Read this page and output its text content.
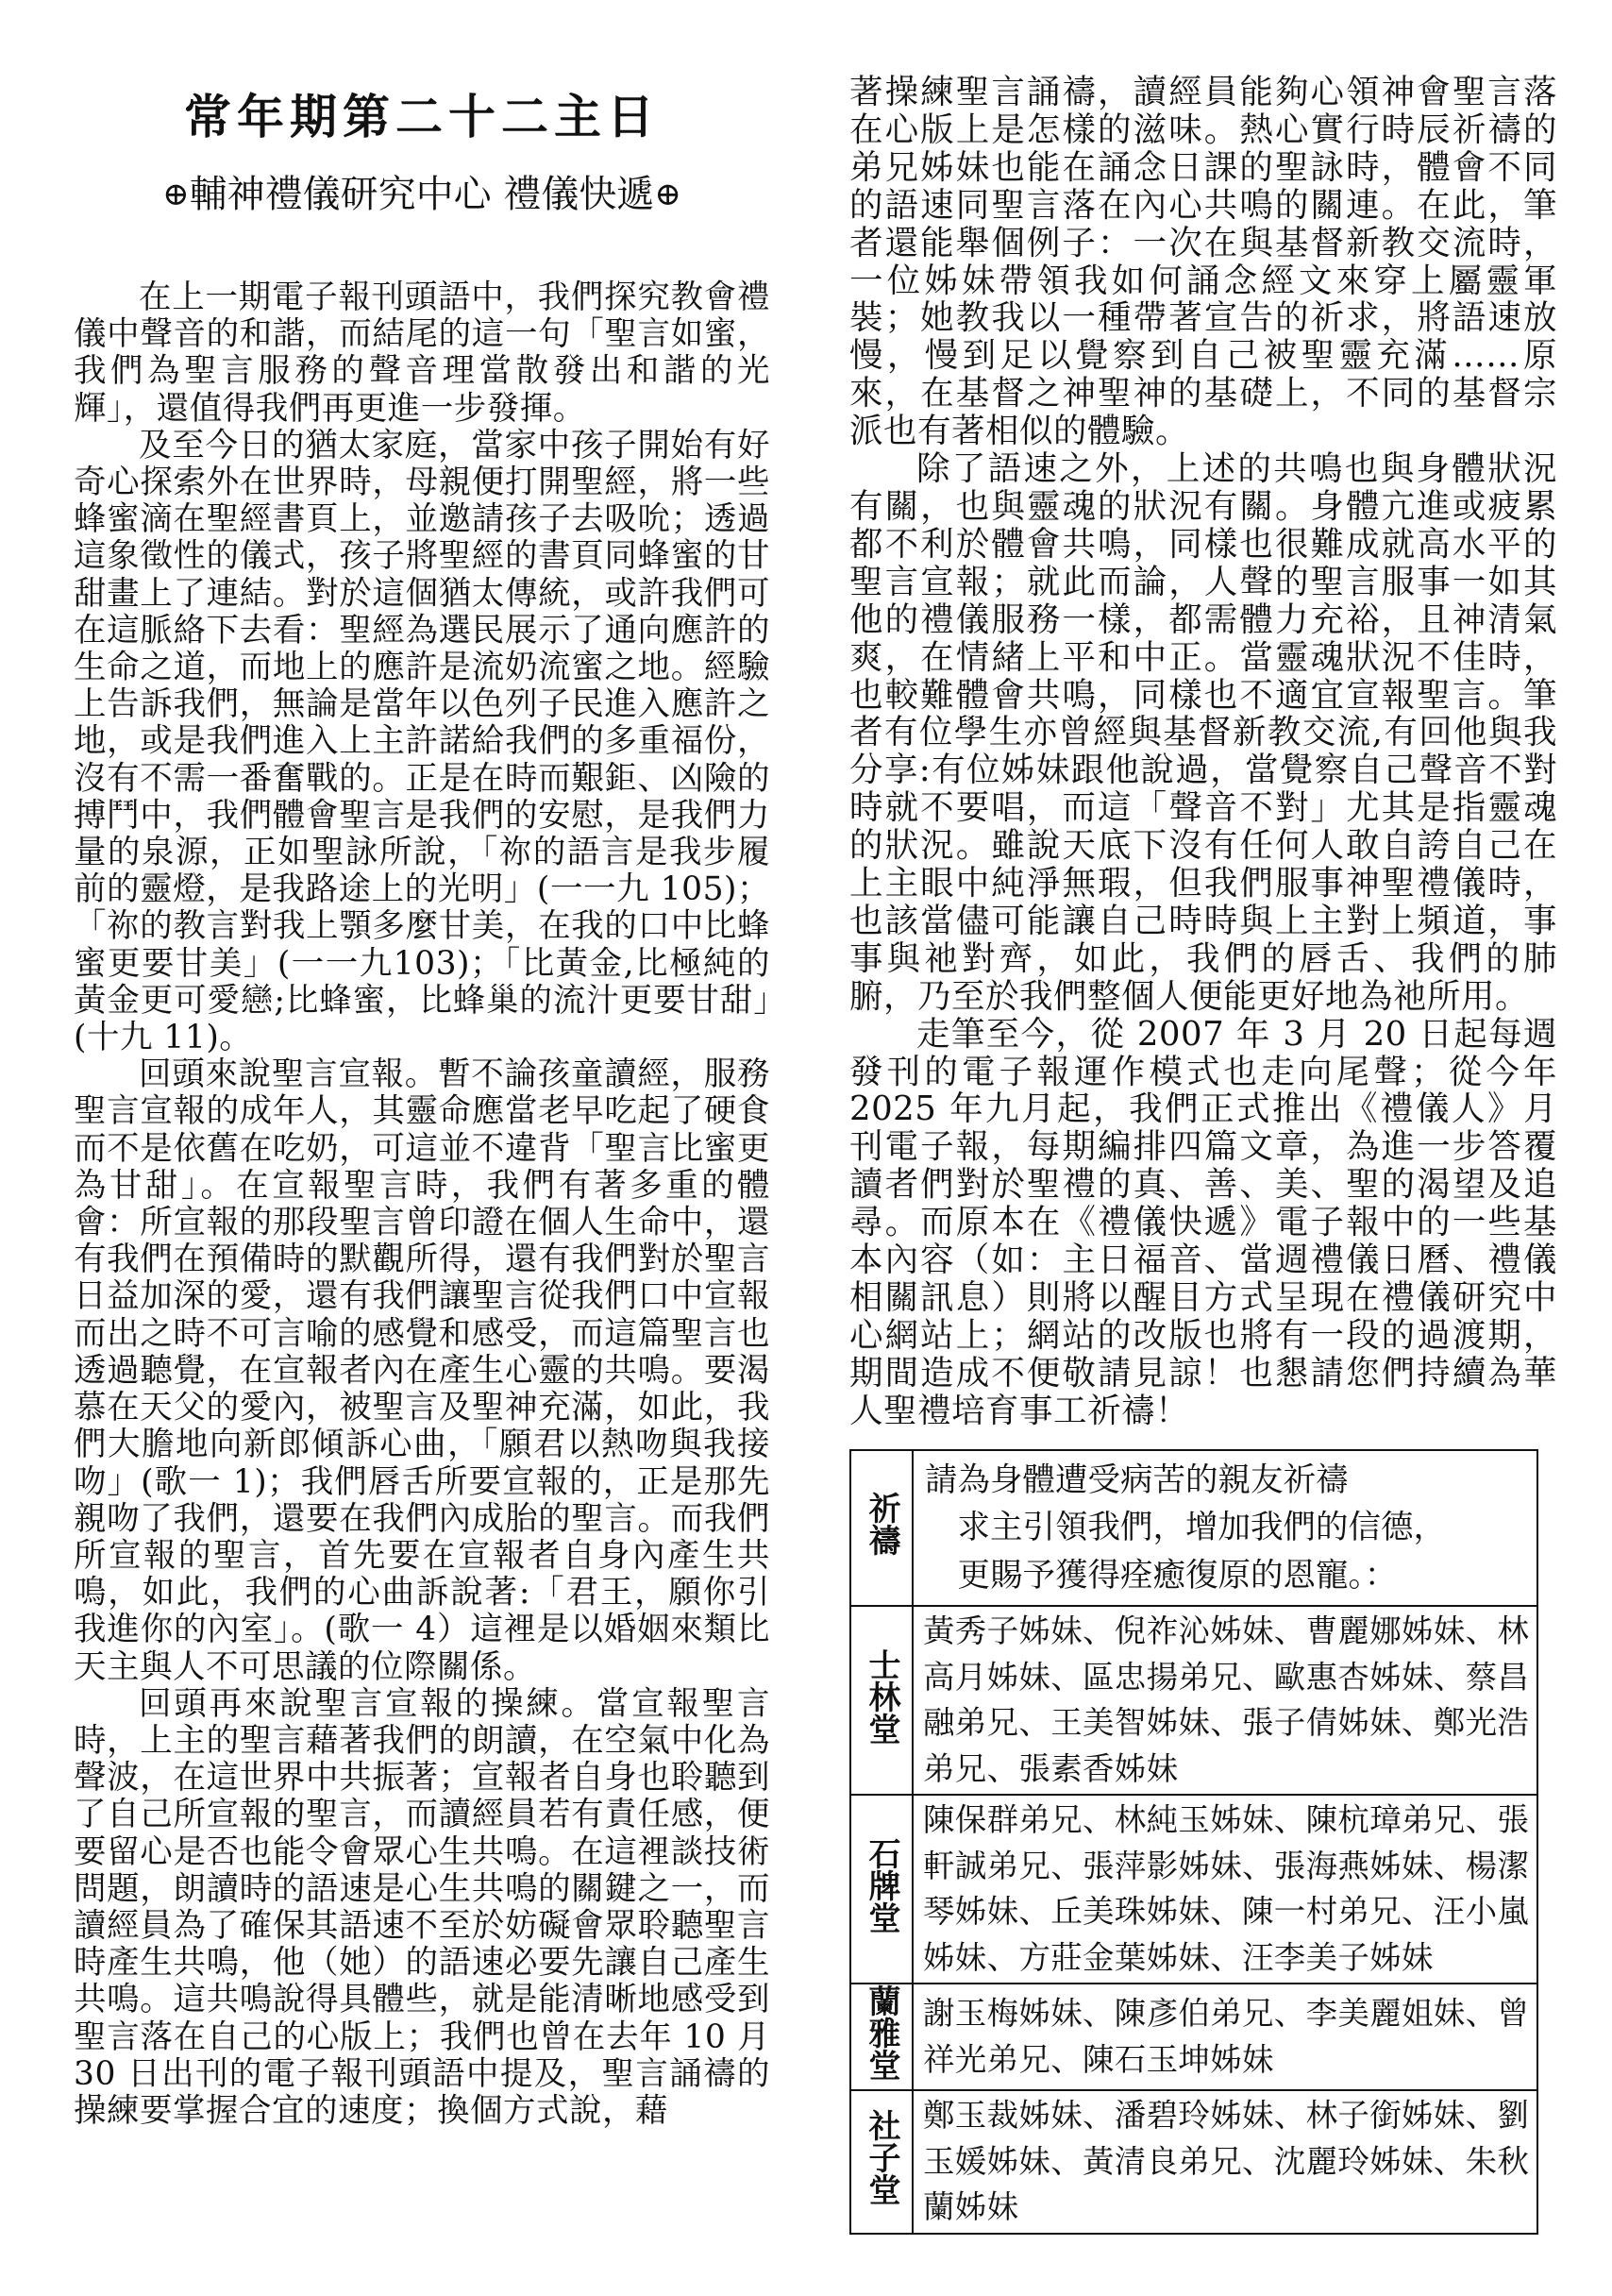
常年期第二十二主日
⊕輔神禮儀研究中心 禮儀快遞⊕

在上一期電子報刊頭語中，我們探究教會禮儀中聲音的和諧，而結尾的這一句「聖言如蜜，我們為聖言服務的聲音理當散發出和諧的光輝」，還值得我們再更進一步發揮。

及至今日的猶太家庭，當家中孩子開始有好奇心探索外在世界時，母親便打開聖經，將一些蜂蜜滴在聖經書頁上，並邀請孩子去吸吮；透過這象徵性的儀式，孩子將聖經的書頁同蜂蜜的甘甜畫上了連結。對於這個猶太傳統，或許我們可在這脈絡下去看：聖經為選民展示了通向應許的生命之道，而地上的應許是流奶流蜜之地。經驗上告訴我們，無論是當年以色列子民進入應許之地，或是我們進入上主許諾給我們的多重福份，沒有不需一番奮戰的。正是在時而艱鉅、凶險的搏鬥中，我們體會聖言是我們的安慰，是我們力量的泉源，正如聖詠所說，「祢的語言是我步履前的靈燈，是我路途上的光明」(一一九 105)；「祢的教言對我上顎多麼甘美，在我的口中比蜂蜜更要甘美」(一一九103)；「比黃金,比極純的黃金更可愛戀;比蜂蜜，比蜂巢的流汁更要甘甜」(十九 11)。

回頭來說聖言宣報。暫不論孩童讀經，服務聖言宣報的成年人，其靈命應當老早吃起了硬食而不是依舊在吃奶，可這並不違背「聖言比蜜更為甘甜」。在宣報聖言時，我們有著多重的體會：所宣報的那段聖言曾印證在個人生命中，還有我們在預備時的默觀所得，還有我們對於聖言日益加深的愛，還有我們讓聖言從我們口中宣報而出之時不可言喻的感覺和感受，而這篇聖言也透過聽覺，在宣報者內在產生心靈的共鳴。要渴慕在天父的愛內，被聖言及聖神充滿，如此，我們大膽地向新郎傾訴心曲，「願君以熱吻與我接吻」(歌一 1)；我們唇舌所要宣報的，正是那先親吻了我們，還要在我們內成胎的聖言。而我們所宣報的聖言，首先要在宣報者自身內產生共鳴，如此，我們的心曲訴說著:「君王，願你引我進你的內室」。(歌一 4）這裡是以婚姻來類比天主與人不可思議的位際關係。

回頭再來說聖言宣報的操練。當宣報聖言時，上主的聖言藉著我們的朗讀，在空氣中化為聲波，在這世界中共振著；宣報者自身也聆聽到了自己所宣報的聖言，而讀經員若有責任感，便要留心是否也能令會眾心生共鳴。在這裡談技術問題，朗讀時的語速是心生共鳴的關鍵之一，而讀經員為了確保其語速不至於妨礙會眾聆聽聖言時產生共鳴，他（她）的語速必要先讓自己產生共鳴。這共鳴說得具體些，就是能清晰地感受到聖言落在自己的心版上；我們也曾在去年 10 月 30 日出刊的電子報刊頭語中提及，聖言誦禱的操練要掌握合宜的速度；換個方式說，藉

著操練聖言誦禱，讀經員能夠心領神會聖言落在心版上是怎樣的滋味。熱心實行時辰祈禱的弟兄姊妹也能在誦念日課的聖詠時，體會不同的語速同聖言落在內心共鳴的關連。在此，筆者還能舉個例子：一次在與基督新教交流時，一位姊妹帶領我如何誦念經文來穿上屬靈軍裝；她教我以一種帶著宣告的祈求，將語速放慢，慢到足以覺察到自己被聖靈充滿……原來，在基督之神聖神的基礎上，不同的基督宗派也有著相似的體驗。

除了語速之外，上述的共鳴也與身體狀況有關，也與靈魂的狀況有關。身體亢進或疲累都不利於體會共鳴，同樣也很難成就高水平的聖言宣報；就此而論，人聲的聖言服事一如其他的禮儀服務一樣，都需體力充裕，且神清氣爽，在情緒上平和中正。當靈魂狀況不佳時，也較難體會共鳴，同樣也不適宜宣報聖言。筆者有位學生亦曾經與基督新教交流,有回他與我分享:有位姊妹跟他說過，當覺察自己聲音不對時就不要唱，而這「聲音不對」尤其是指靈魂的狀況。雖說天底下沒有任何人敢自誇自己在上主眼中純淨無瑕，但我們服事神聖禮儀時，也該當儘可能讓自己時時與上主對上頻道，事事與祂對齊，如此，我們的唇舌、我們的肺腑，乃至於我們整個人便能更好地為祂所用。

走筆至今，從 2007 年 3 月 20 日起每週發刊的電子報運作模式也走向尾聲；從今年 2025 年九月起，我們正式推出《禮儀人》月刊電子報，每期編排四篇文章，為進一步答覆讀者們對於聖禮的真、善、美、聖的渴望及追尋。而原本在《禮儀快遞》電子報中的一些基本內容（如：主日福音、當週禮儀日曆、禮儀相關訊息）則將以醒目方式呈現在禮儀研究中心網站上；網站的改版也將有一段的過渡期，期間造成不便敬請見諒！也懇請您們持續為華人聖禮培育事工祈禱！

祈禱	請為身體遭受病苦的親友祈禱
求主引領我們，增加我們的信德，
更賜予獲得痊癒復原的恩寵。：

士林堂	黃秀子姊妹、倪祚沁姊妹、曹麗娜姊妹、林高月姊妹、區忠揚弟兄、歐惠杏姊妹、蔡昌融弟兄、王美智姊妹、張子倩姊妹、鄭光浩弟兄、張素香姊妹
石牌堂	陳保群弟兄、林純玉姊妹、陳杭璋弟兄、張軒誠弟兄、張萍影姊妹、張海燕姊妹、楊潔琴姊妹、丘美珠姊妹、陳一村弟兄、汪小嵐姊妹、方莊金葉姊妹、汪李美子姊妹
蘭雅堂	謝玉梅姊妹、陳彥伯弟兄、李美麗姐妹、曾祥光弟兄、陳石玉坤姊妹
社子堂	鄭玉裁姊妹、潘碧玲姊妹、林子銜姊妹、劉玉媛姊妹、黃清良弟兄、沈麗玲姊妹、朱秋蘭姊妹
